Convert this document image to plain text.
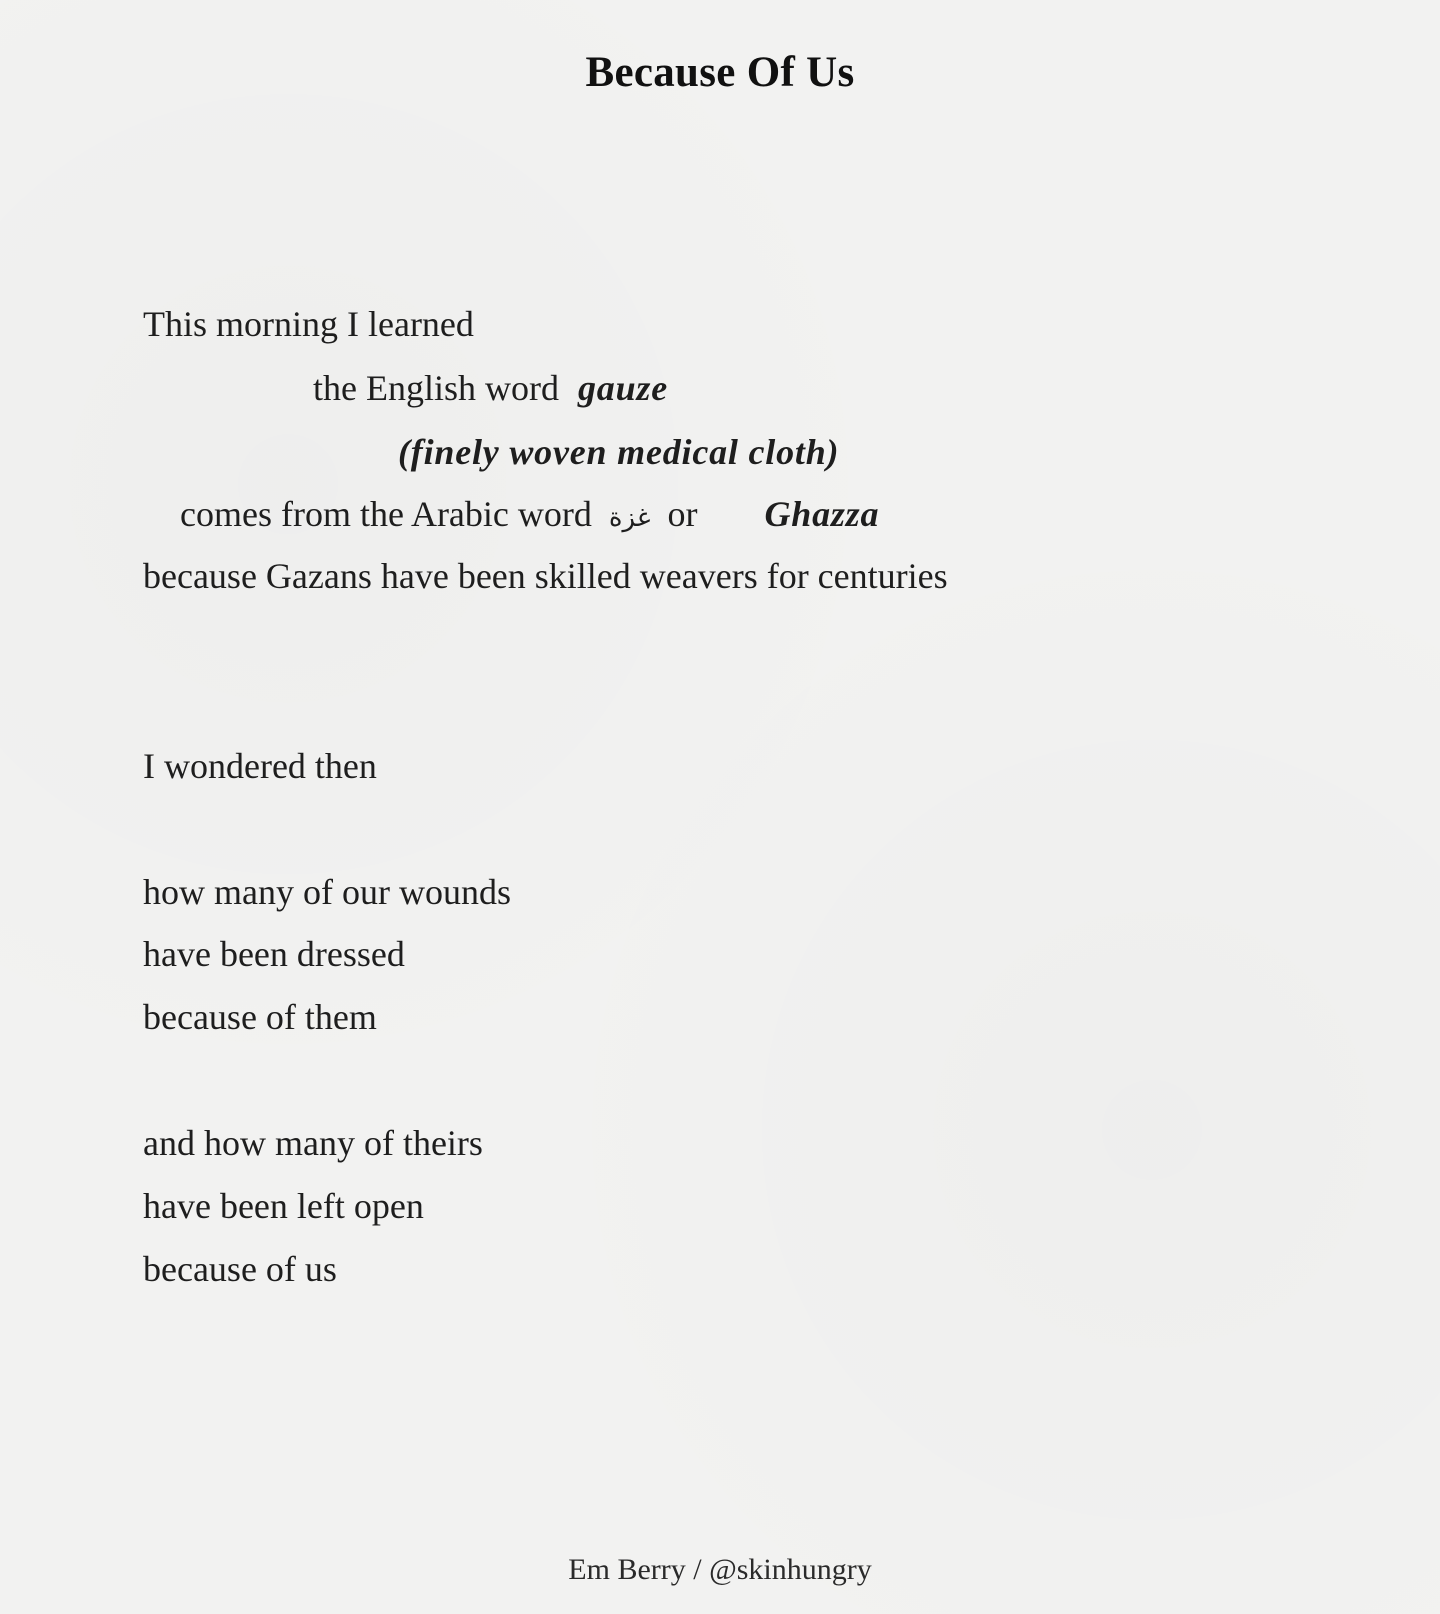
Because Of Us
This morning I learned
the English word gauze
(finely woven medical cloth)
comes from the Arabic word غزة or Ghazza
because Gazans have been skilled weavers for centuries
I wondered then
how many of our wounds
have been dressed
because of them
and how many of theirs
have been left open
because of us
Em Berry / @skinhungry
